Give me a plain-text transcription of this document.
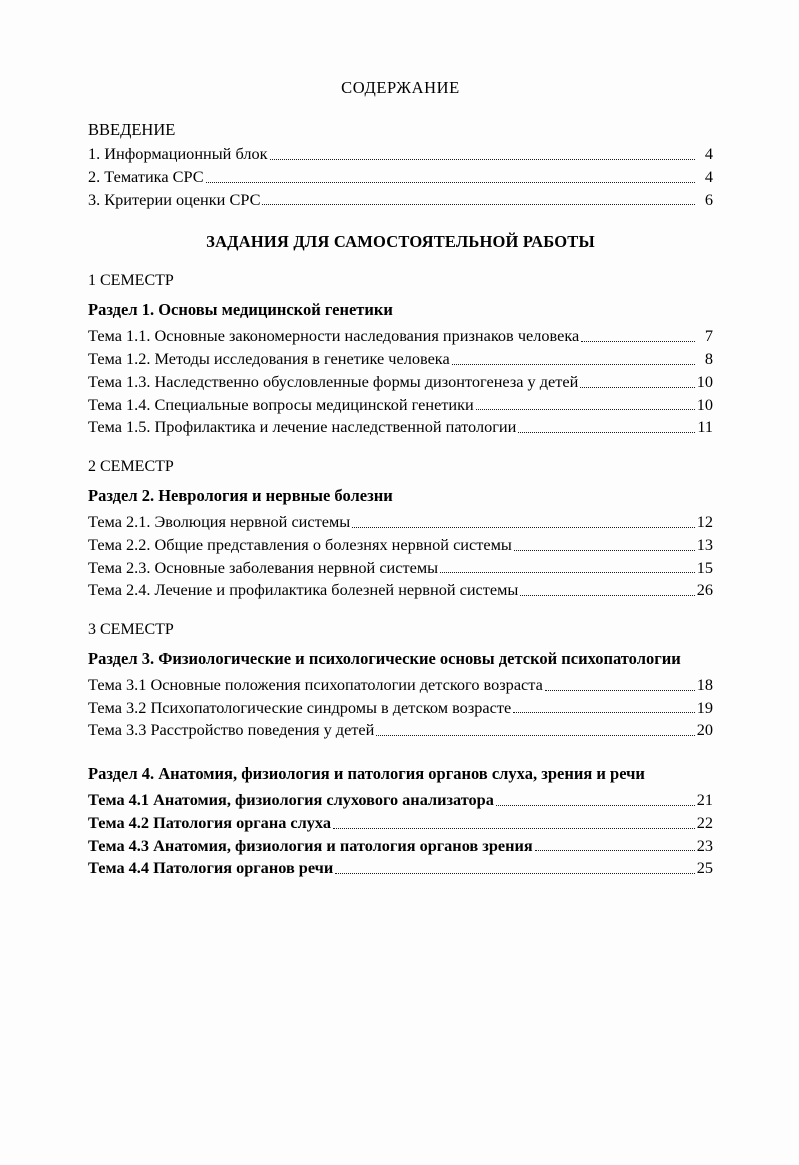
СОДЕРЖАНИЕ
ВВЕДЕНИЕ
1. Информационный блок	4
2. Тематика СРС	4
3. Критерии оценки СРС	6
ЗАДАНИЯ ДЛЯ САМОСТОЯТЕЛЬНОЙ РАБОТЫ
1 СЕМЕСТР
Раздел 1. Основы медицинской генетики
Тема 1.1. Основные закономерности наследования признаков человека	7
Тема 1.2. Методы исследования в генетике человека	8
Тема 1.3. Наследственно обусловленные формы дизонтогенеза у детей	10
Тема 1.4. Специальные вопросы медицинской генетики	10
Тема 1.5. Профилактика и лечение наследственной патологии	11
2 СЕМЕСТР
Раздел 2. Неврология и нервные болезни
Тема 2.1. Эволюция нервной системы	12
Тема 2.2. Общие представления о болезнях нервной системы	13
Тема 2.3. Основные заболевания нервной системы	15
Тема 2.4. Лечение и профилактика болезней нервной системы	26
3 СЕМЕСТР
Раздел 3. Физиологические и психологические основы детской психопатологии
Тема 3.1 Основные положения психопатологии детского возраста	18
Тема 3.2 Психопатологические синдромы в детском возрасте	19
Тема 3.3 Расстройство поведения у детей	20
Раздел 4. Анатомия, физиология и патология органов слуха, зрения и речи
Тема 4.1 Анатомия, физиология слухового анализатора	21
Тема 4.2 Патология органа слуха	22
Тема 4.3 Анатомия, физиология и патология органов зрения	23
Тема 4.4 Патология органов речи	25
